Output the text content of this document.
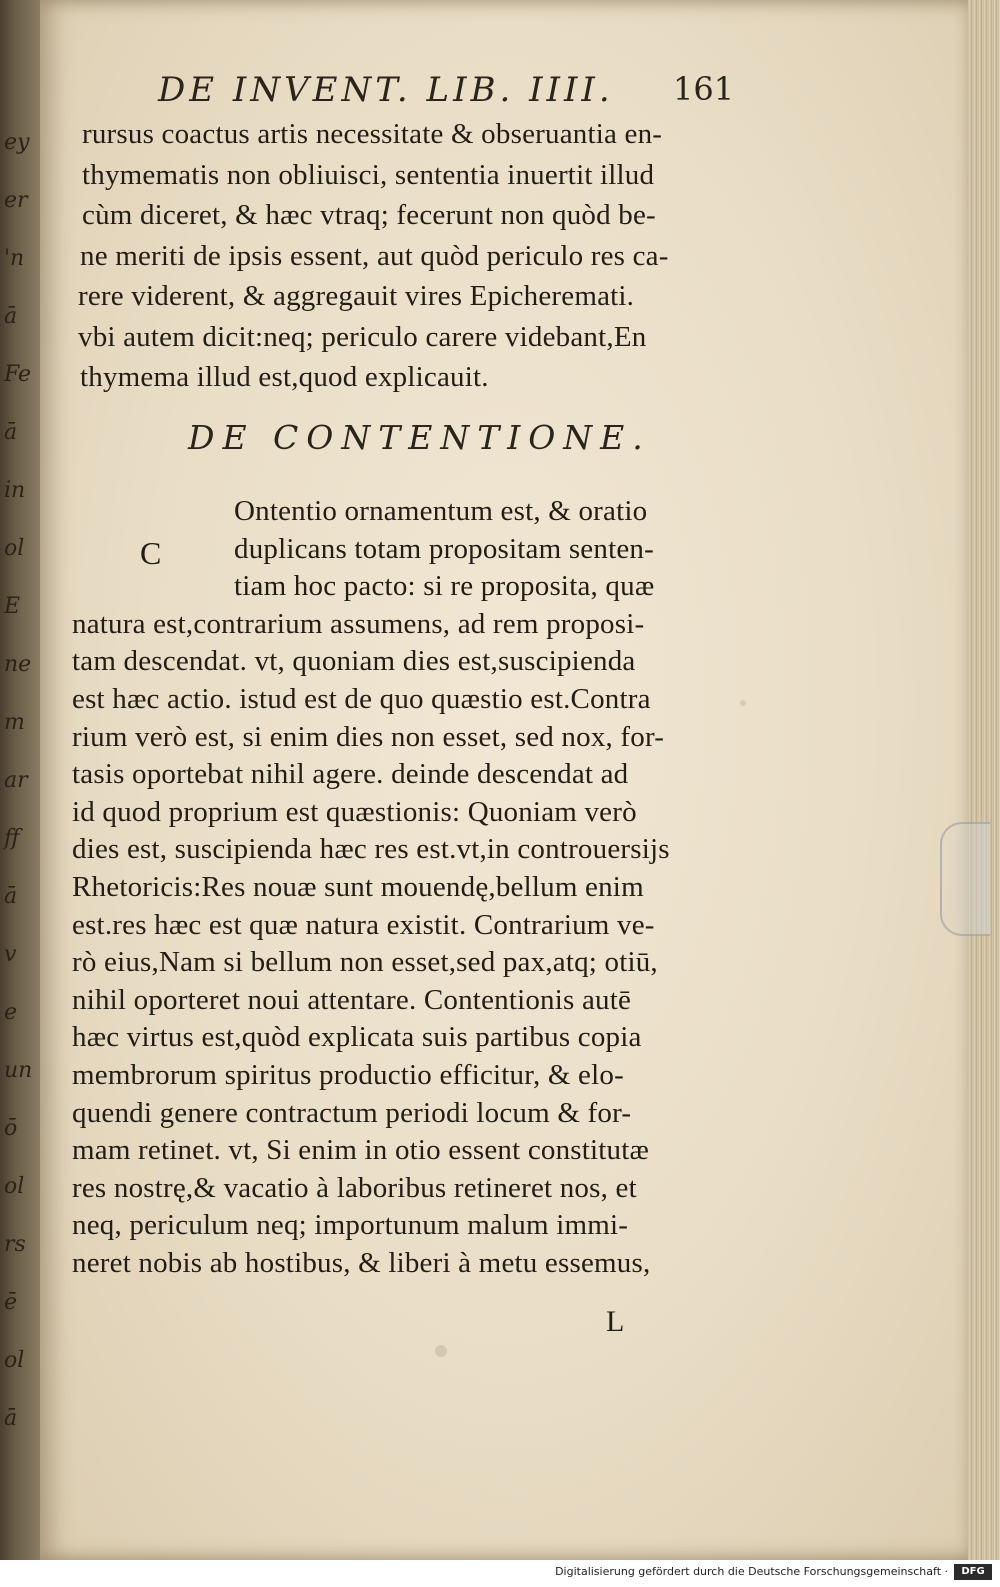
ey
er
'n
ā
Fe
ā
in
ol
E
ne
m
ar
ff
ā
v
e
un
ō
ol
rs
ē
ol
ā
DE INVENT. LIB. IIII. 161
rursus coactus artis necessitate & obseruantia en-
thymematis non obliuisci, sententia inuertit illud
cùm diceret, & hæc vtraq; fecerunt non quòd be-
ne meriti de ipsis essent, aut quòd periculo res ca-
rere viderent, & aggregauit vires Epicheremati.
vbi autem dicit:neq; periculo carere videbant,En
thymema illud est,quod explicauit.
DE CONTENTIONE.
C
Ontentio ornamentum est, & oratio
duplicans totam propositam senten-
tiam hoc pacto: si re proposita, quæ
natura est,contrarium assumens, ad rem proposi-
tam descendat. vt, quoniam dies est,suscipienda
est hæc actio. istud est de quo quæstio est.Contra
rium verò est, si enim dies non esset, sed nox, for-
tasis oportebat nihil agere. deinde descendat ad
id quod proprium est quæstionis: Quoniam verò
dies est, suscipienda hæc res est.vt,in controuersijs
Rhetoricis:Res nouæ sunt mouendę,bellum enim
est.res hæc est quæ natura existit. Contrarium ve-
rò eius,Nam si bellum non esset,sed pax,atq; otiū,
nihil oporteret noui attentare. Contentionis autē
hæc virtus est,quòd explicata suis partibus copia
membrorum spiritus productio efficitur, & elo-
quendi genere contractum periodi locum & for-
mam retinet. vt, Si enim in otio essent constitutæ
res nostrę,& vacatio à laboribus retineret nos, et
neq, periculum neq; importunum malum immi-
neret nobis ab hostibus, & liberi à metu essemus,
L
Digitalisierung gefördert durch die Deutsche Forschungsgemeinschaft ·	DFG
